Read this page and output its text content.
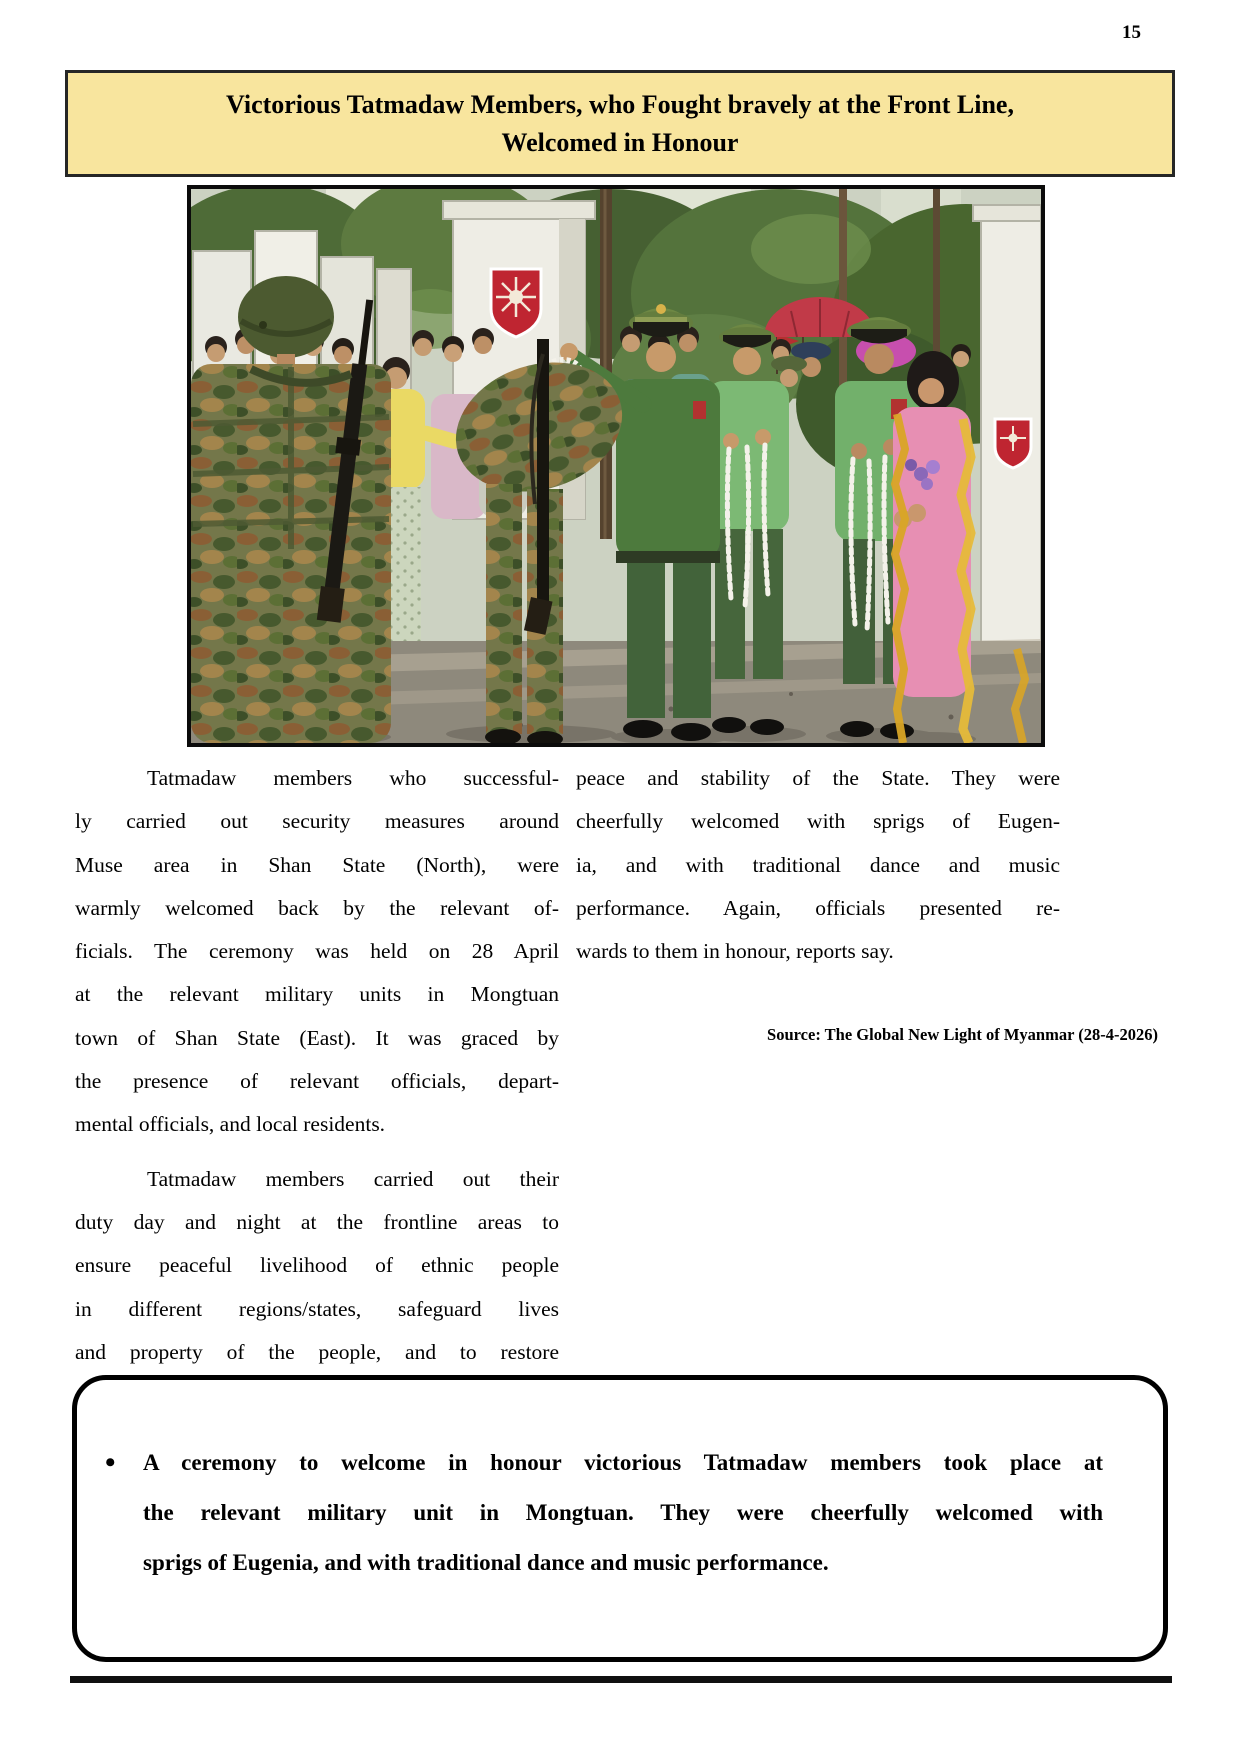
15
Victorious Tatmadaw Members, who Fought bravely at the Front Line,
Welcomed in Honour
Tatmadaw members who successful-
ly carried out security measures around
Muse area in Shan State (North), were
warmly welcomed back by the relevant of-
ficials. The ceremony was held on 28 April
at the relevant military units in Mongtuan
town of Shan State (East). It was graced by
the presence of relevant officials, depart-
mental officials, and local residents.
Tatmadaw members carried out their
duty day and night at the frontline areas to
ensure peaceful livelihood of ethnic people
in different regions/states, safeguard lives
and property of the people, and to restore
peace and stability of the State. They were
cheerfully welcomed with sprigs of Eugen-
ia, and with traditional dance and music
performance. Again, officials presented re-
wards to them in honour, reports say.
Source: The Global New Light of Myanmar (28-4-2026)
•	A ceremony to welcome in honour victorious Tatmadaw members took place at
the relevant military unit in Mongtuan. They were cheerfully welcomed with
sprigs of Eugenia, and with traditional dance and music performance.
